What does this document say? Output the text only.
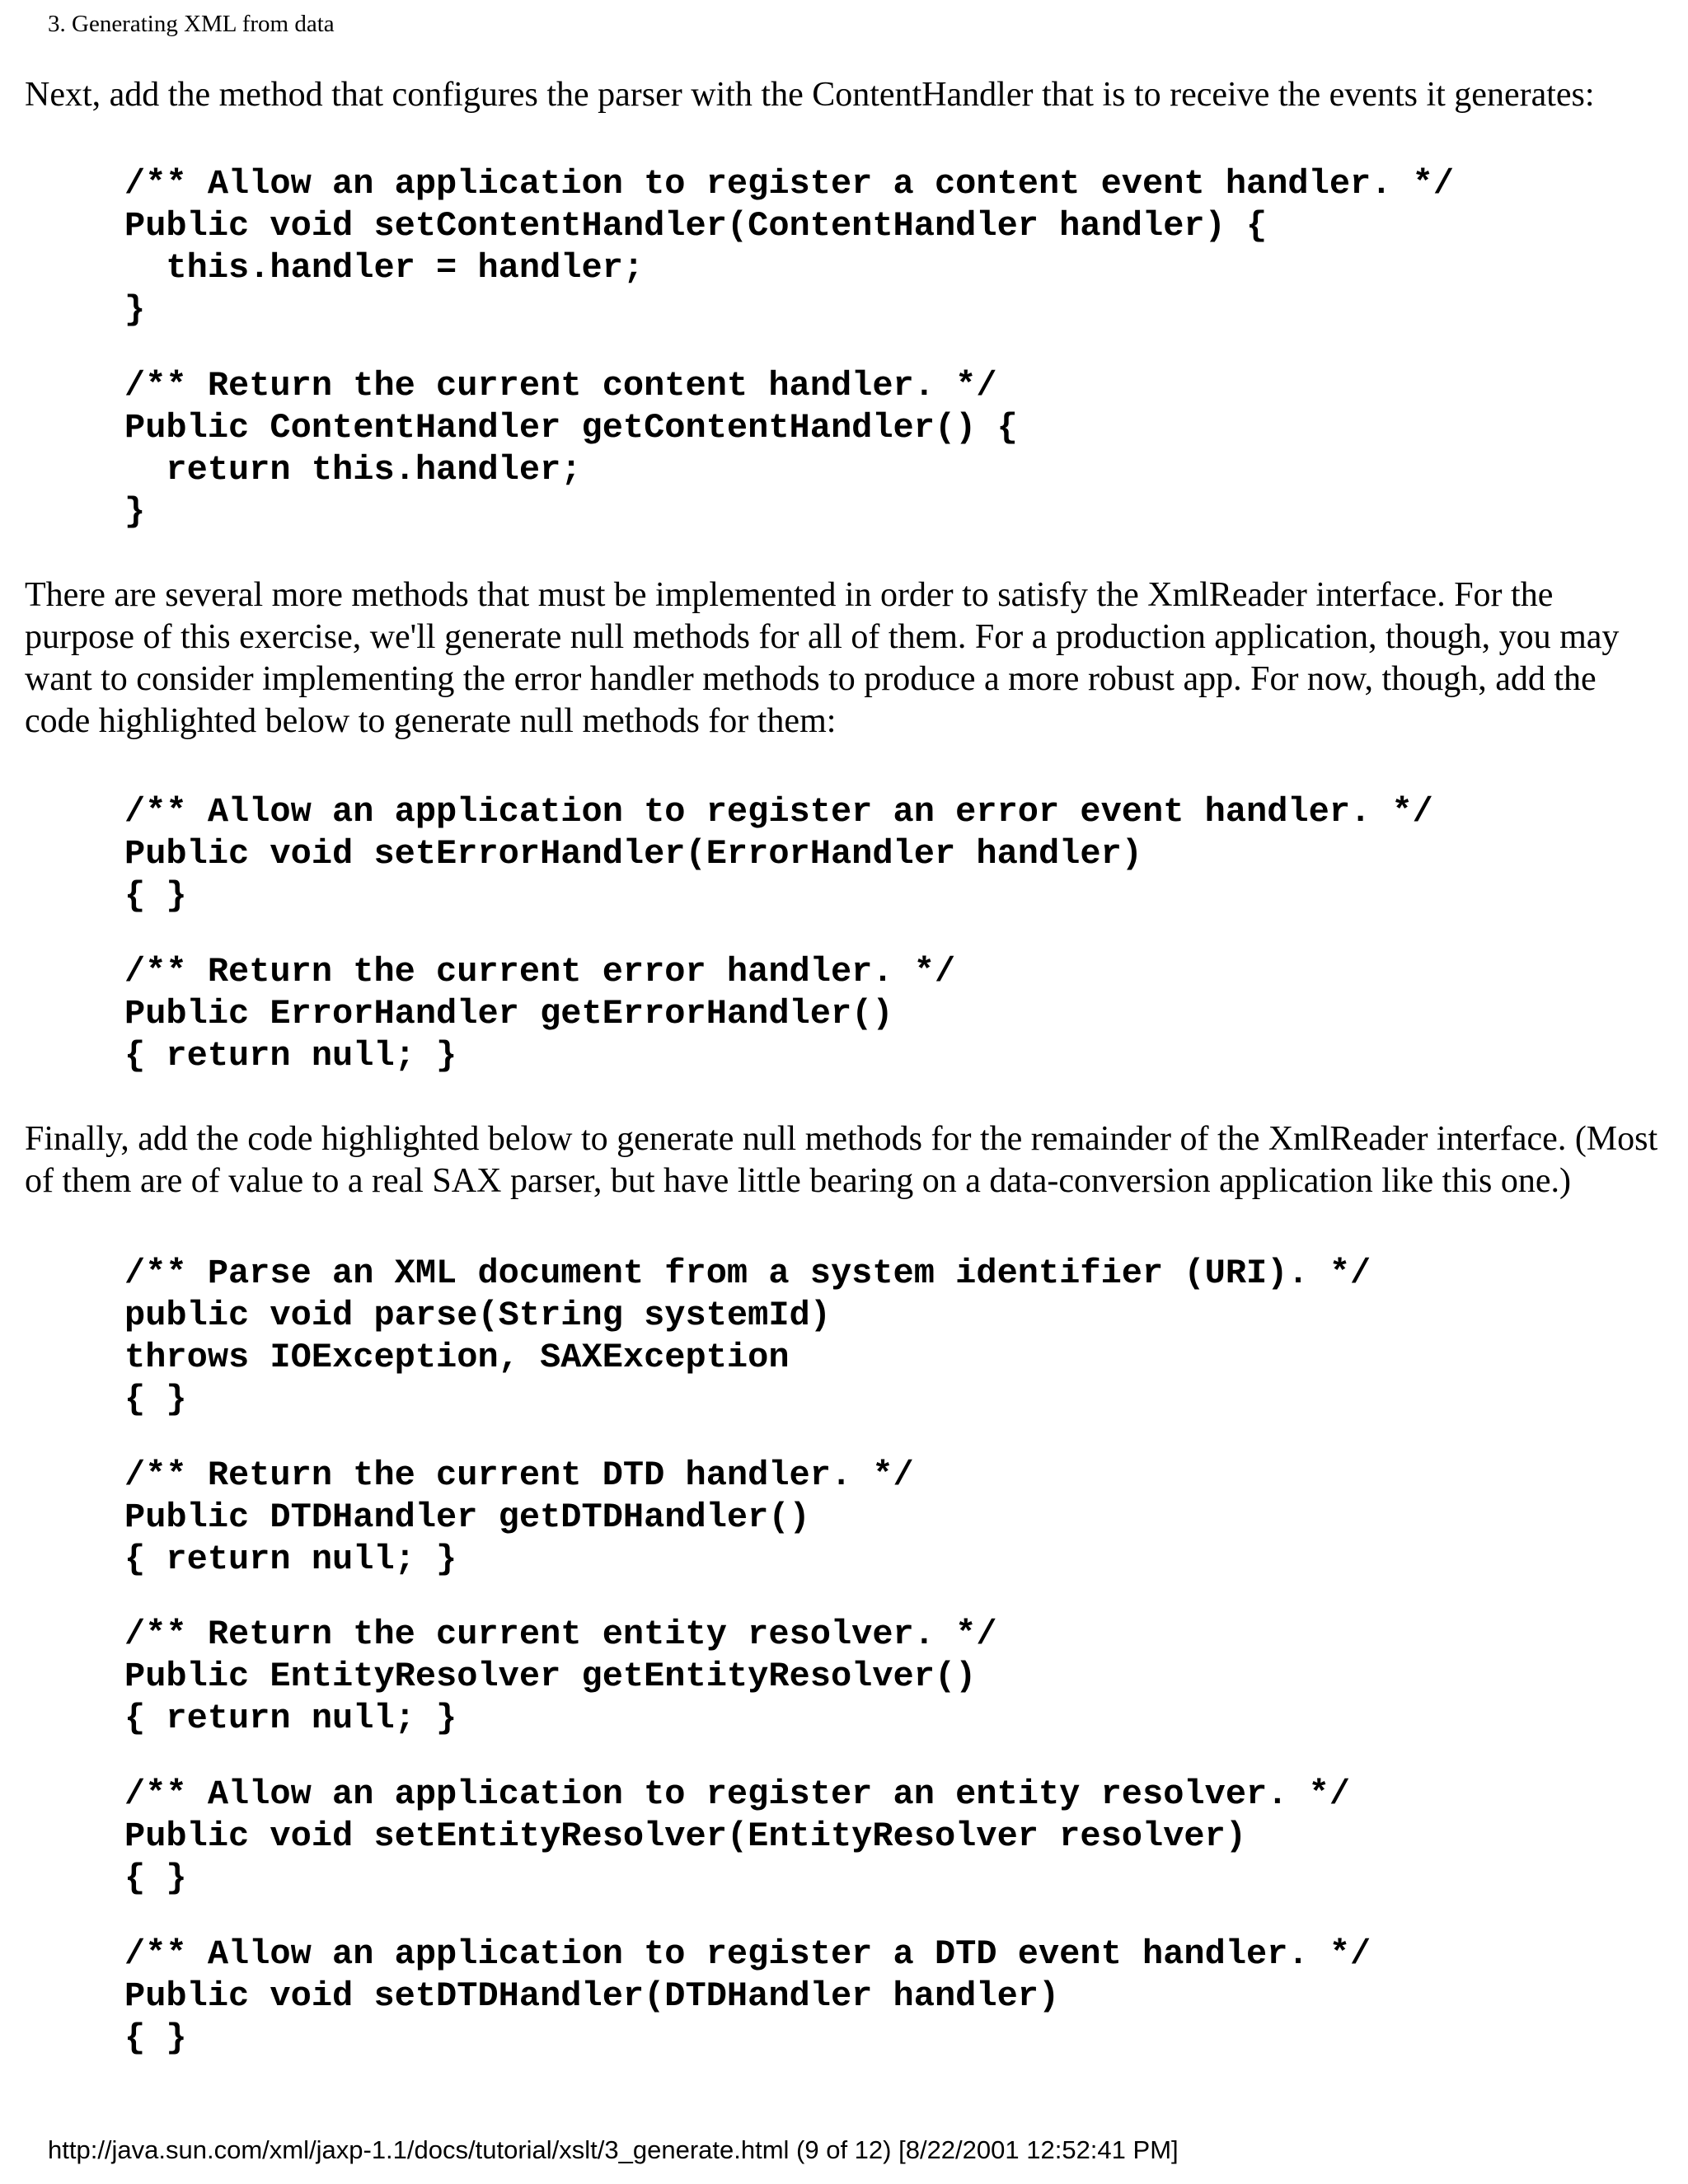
3. Generating XML from data

Next, add the method that configures the parser with the ContentHandler that is to receive the events it generates:

/** Allow an application to register a content event handler. */
Public void setContentHandler(ContentHandler handler) {
this.handler = handler;
}
/** Return the current content handler. */
Public ContentHandler getContentHandler() {
return this.handler;
}

There are several more methods that must be implemented in order to satisfy the XmlReader interface. For the purpose of this exercise, we'll generate null methods for all of them. For a production application, though, you may want to consider implementing the error handler methods to produce a more robust app. For now, though, add the code highlighted below to generate null methods for them:

/** Allow an application to register an error event handler. */
Public void setErrorHandler(ErrorHandler handler)
{ }
/** Return the current error handler. */
Public ErrorHandler getErrorHandler()
{ return null; }

Finally, add the code highlighted below to generate null methods for the remainder of the XmlReader interface. (Most of them are of value to a real SAX parser, but have little bearing on a data-conversion application like this one.)

/** Parse an XML document from a system identifier (URI). */
public void parse(String systemId)
throws IOException, SAXException
{ }
/** Return the current DTD handler. */
Public DTDHandler getDTDHandler()
{ return null; }
/** Return the current entity resolver. */
Public EntityResolver getEntityResolver()
{ return null; }
/** Allow an application to register an entity resolver. */
Public void setEntityResolver(EntityResolver resolver)
{ }
/** Allow an application to register a DTD event handler. */
Public void setDTDHandler(DTDHandler handler)
{ }
http://java.sun.com/xml/jaxp-1.1/docs/tutorial/xslt/3_generate.html (9 of 12) [8/22/2001 12:52:41 PM]
